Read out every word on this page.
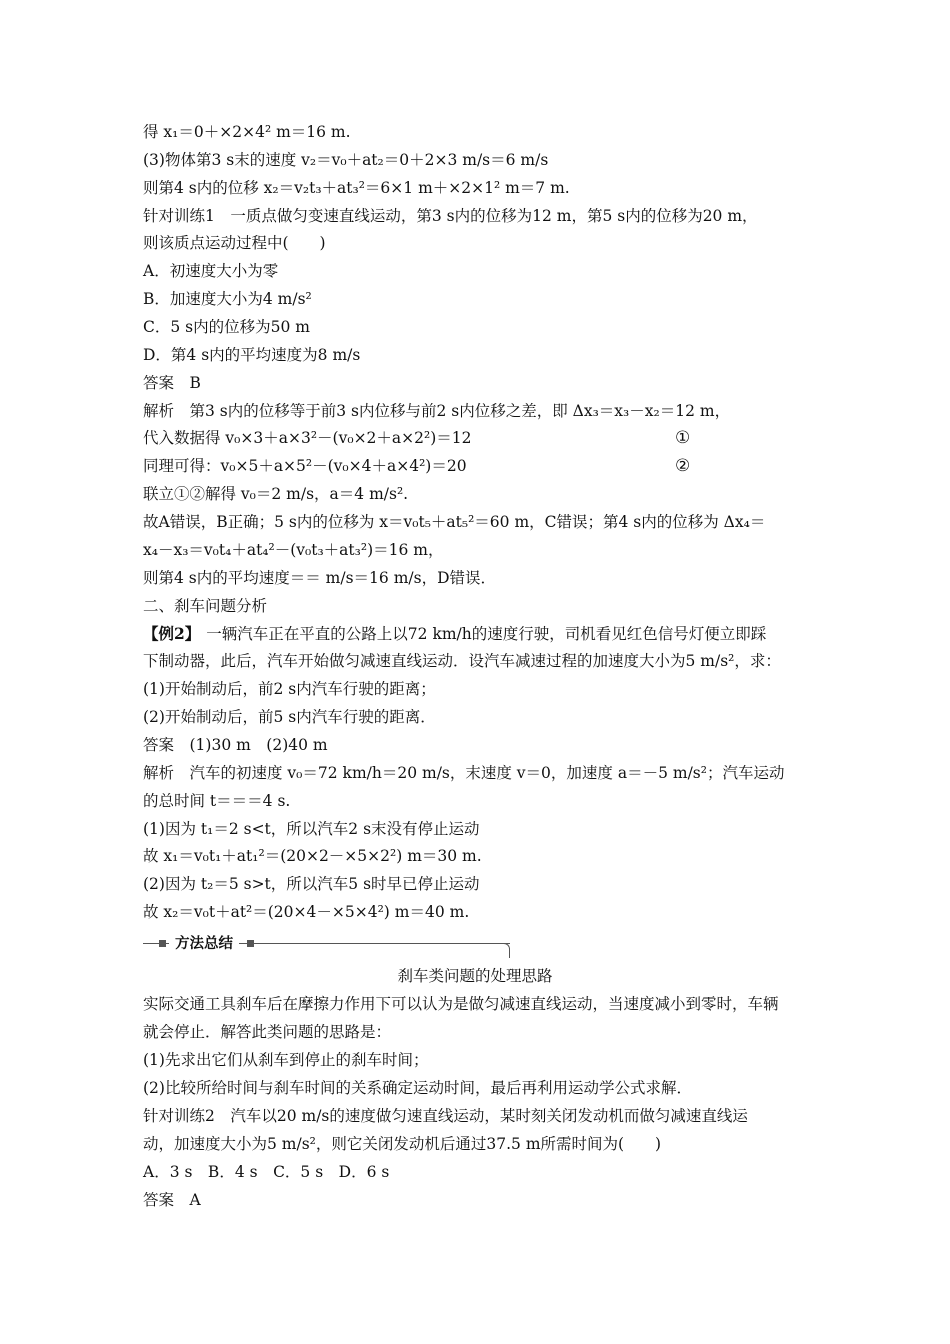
得 x₁＝0＋×2×4² m＝16 m.
(3)物体第3 s末的速度 v₂＝v₀＋at₂＝0＋2×3 m/s＝6 m/s
则第4 s内的位移 x₂＝v₂t₃＋at₃²＝6×1 m＋×2×1² m＝7 m.
针对训练1　一质点做匀变速直线运动，第3 s内的位移为12 m，第5 s内的位移为20 m，
则该质点运动过程中(　　)
A．初速度大小为零
B．加速度大小为4 m/s²
C．5 s内的位移为50 m
D．第4 s内的平均速度为8 m/s
答案　B
解析　第3 s内的位移等于前3 s内位移与前2 s内位移之差，即 Δx₃＝x₃－x₂＝12 m，
代入数据得 v₀×3＋a×3²－(v₀×2＋a×2²)＝12	①
同理可得：v₀×5＋a×5²－(v₀×4＋a×4²)＝20	②
联立①②解得 v₀＝2 m/s，a＝4 m/s².
故A错误，B正确；5 s内的位移为 x＝v₀t₅＋at₅²＝60 m，C错误；第4 s内的位移为 Δx₄＝
x₄－x₃＝v₀t₄＋at₄²－(v₀t₃＋at₃²)＝16 m，
则第4 s内的平均速度＝＝ m/s＝16 m/s，D错误．
二、刹车问题分析
【例2】 一辆汽车正在平直的公路上以72 km/h的速度行驶，司机看见红色信号灯便立即踩
下制动器，此后，汽车开始做匀减速直线运动．设汽车减速过程的加速度大小为5 m/s²，求：
(1)开始制动后，前2 s内汽车行驶的距离；
(2)开始制动后，前5 s内汽车行驶的距离．
答案　(1)30 m　(2)40 m
解析　汽车的初速度 v₀＝72 km/h＝20 m/s，末速度 v＝0，加速度 a＝－5 m/s²；汽车运动
的总时间 t＝＝＝4 s.
(1)因为 t₁＝2 s<t，所以汽车2 s末没有停止运动
故 x₁＝v₀t₁＋at₁²＝(20×2－×5×2²) m＝30 m.
(2)因为 t₂＝5 s>t，所以汽车5 s时早已停止运动
故 x₂＝v₀t＋at²＝(20×4－×5×4²) m＝40 m.
方法总结
刹车类问题的处理思路
实际交通工具刹车后在摩擦力作用下可以认为是做匀减速直线运动，当速度减小到零时，车辆
就会停止．解答此类问题的思路是：
(1)先求出它们从刹车到停止的刹车时间；
(2)比较所给时间与刹车时间的关系确定运动时间，最后再利用运动学公式求解．
针对训练2　汽车以20 m/s的速度做匀速直线运动，某时刻关闭发动机而做匀减速直线运
动，加速度大小为5 m/s²，则它关闭发动机后通过37.5 m所需时间为(　　)
A．3 s　B．4 s　C．5 s　D．6 s
答案　A
